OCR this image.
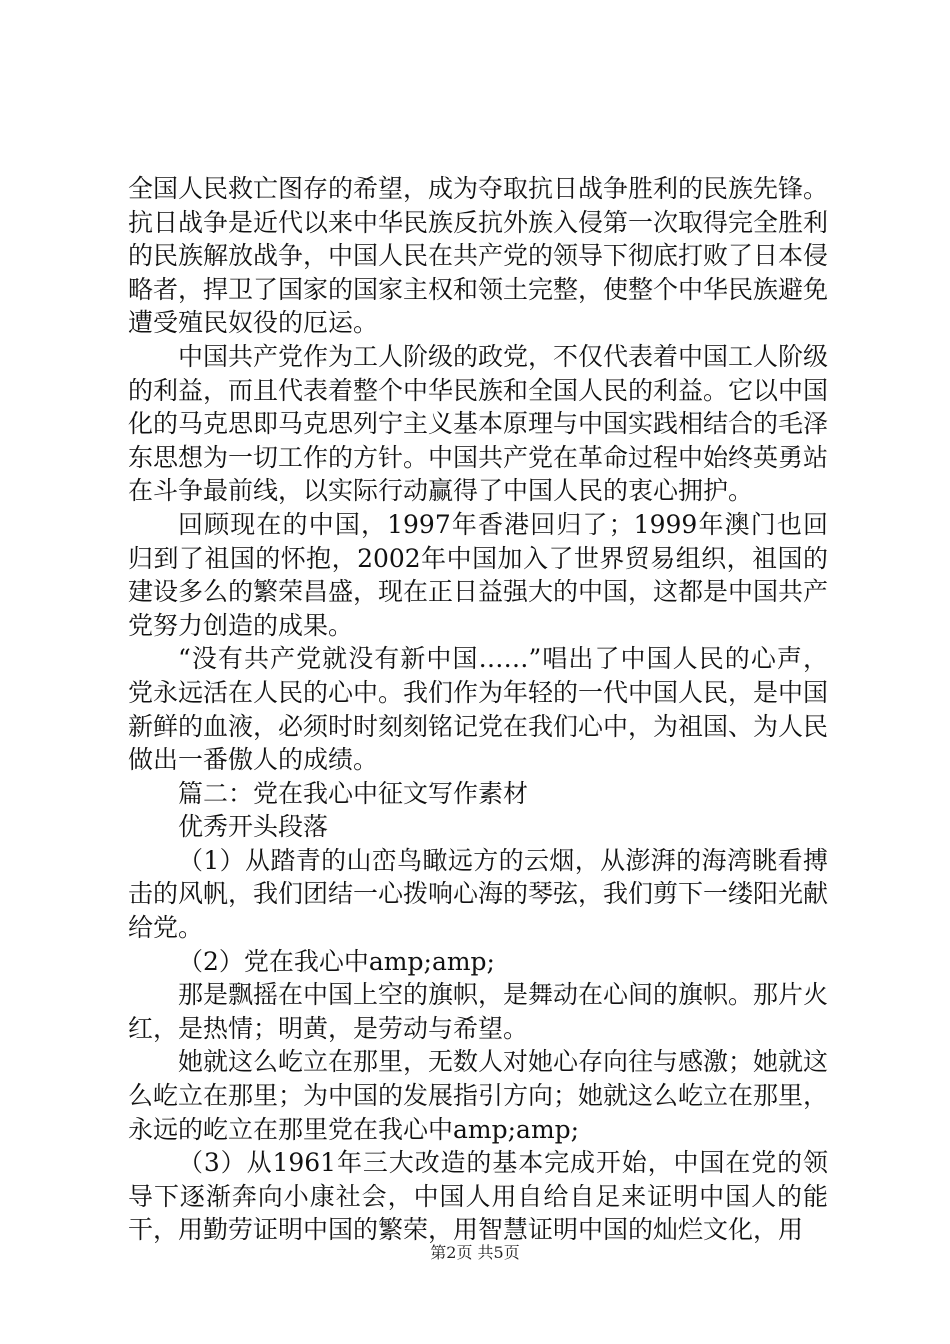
全国人民救亡图存的希望，成为夺取抗日战争胜利的民族先锋。抗日战争是近代以来中华民族反抗外族入侵第一次取得完全胜利的民族解放战争，中国人民在共产党的领导下彻底打败了日本侵略者，捍卫了国家的国家主权和领土完整，使整个中华民族避免遭受殖民奴役的厄运。

中国共产党作为工人阶级的政党，不仅代表着中国工人阶级的利益，而且代表着整个中华民族和全国人民的利益。它以中国化的马克思即马克思列宁主义基本原理与中国实践相结合的毛泽东思想为一切工作的方针。中国共产党在革命过程中始终英勇站在斗争最前线，以实际行动赢得了中国人民的衷心拥护。

回顾现在的中国，1997年香港回归了；1999年澳门也回归到了祖国的怀抱，2002年中国加入了世界贸易组织，祖国的建设多么的繁荣昌盛，现在正日益强大的中国，这都是中国共产党努力创造的成果。

“没有共产党就没有新中国……”唱出了中国人民的心声，党永远活在人民的心中。我们作为年轻的一代中国人民，是中国新鲜的血液，必须时时刻刻铭记党在我们心中，为祖国、为人民做出一番傲人的成绩。

篇二：党在我心中征文写作素材

优秀开头段落

（1）从踏青的山峦鸟瞰远方的云烟，从澎湃的海湾眺看搏击的风帆，我们团结一心拨响心海的琴弦，我们剪下一缕阳光献给党。

（2）党在我心中amp;amp;

那是飘摇在中国上空的旗帜，是舞动在心间的旗帜。那片火红，是热情；明黄，是劳动与希望。

她就这么屹立在那里，无数人对她心存向往与感激；她就这么屹立在那里；为中国的发展指引方向；她就这么屹立在那里，永远的屹立在那里党在我心中amp;amp;

（3）从1961年三大改造的基本完成开始，中国在党的领导下逐渐奔向小康社会，中国人用自给自足来证明中国人的能干，用勤劳证明中国的繁荣，用智慧证明中国的灿烂文化，用

第2页 共5页
